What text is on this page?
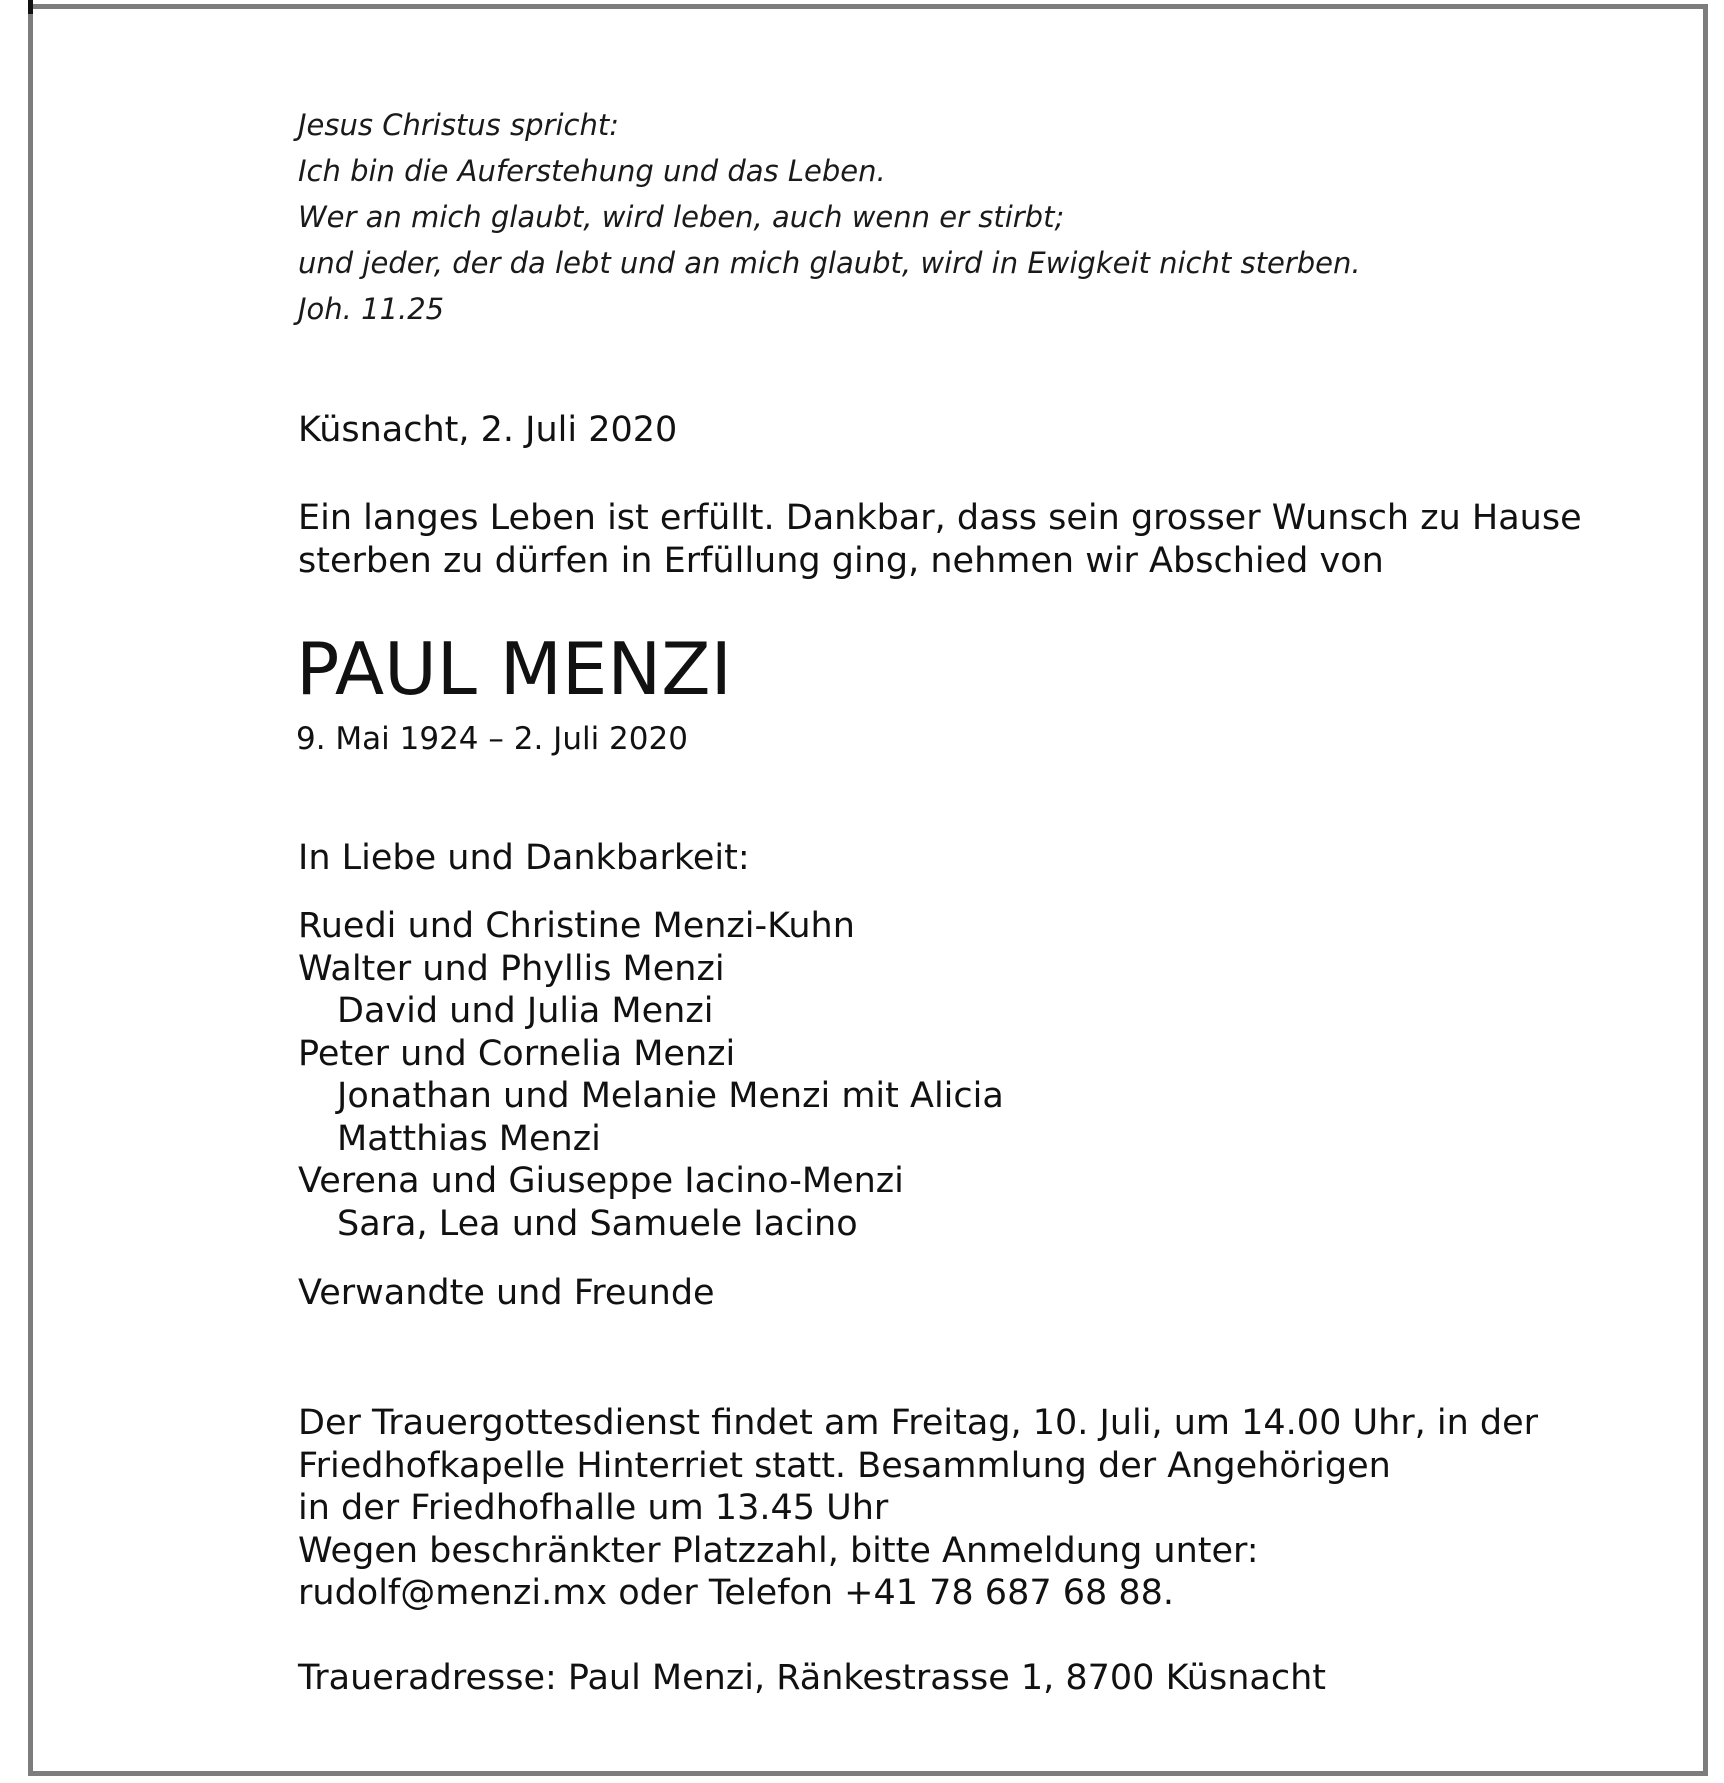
Jesus Christus spricht:
Ich bin die Auferstehung und das Leben.
Wer an mich glaubt, wird leben, auch wenn er stirbt;
und jeder, der da lebt und an mich glaubt, wird in Ewigkeit nicht sterben.
Joh. 11.25
Küsnacht, 2. Juli 2020
Ein langes Leben ist erfüllt. Dankbar, dass sein grosser Wunsch zu Hause
sterben zu dürfen in Erfüllung ging, nehmen wir Abschied von
PAUL MENZI
9. Mai 1924 – 2. Juli 2020
In Liebe und Dankbarkeit:
Ruedi und Christine Menzi-Kuhn
Walter und Phyllis Menzi
David und Julia Menzi
Peter und Cornelia Menzi
Jonathan und Melanie Menzi mit Alicia
Matthias Menzi
Verena und Giuseppe Iacino-Menzi
Sara, Lea und Samuele Iacino
Verwandte und Freunde
Der Trauergottesdienst findet am Freitag, 10. Juli, um 14.00 Uhr, in der
Friedhofkapelle Hinterriet statt. Besammlung der Angehörigen
in der Friedhofhalle um 13.45 Uhr
Wegen beschränkter Platzzahl, bitte Anmeldung unter:
rudolf@menzi.mx oder Telefon +41 78 687 68 88.
Traueradresse: Paul Menzi, Ränkestrasse 1, 8700 Küsnacht
